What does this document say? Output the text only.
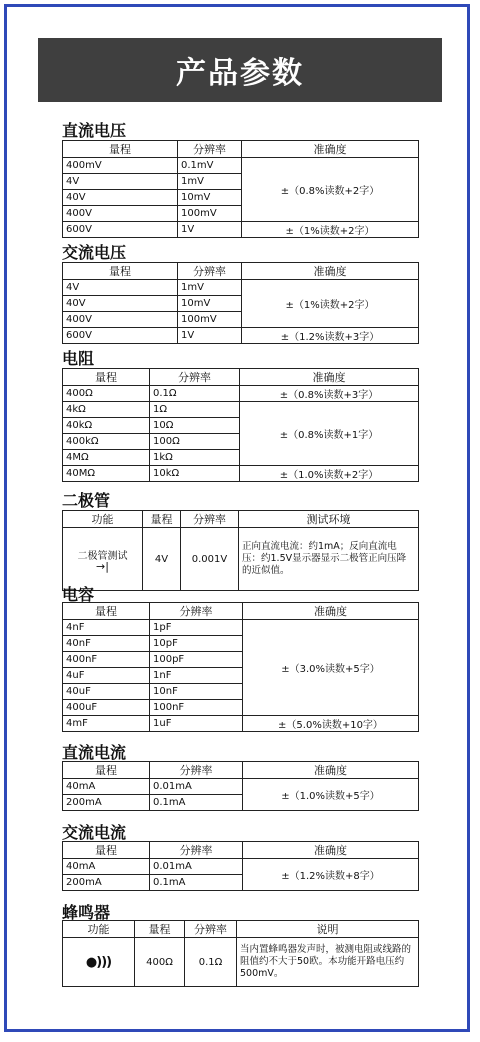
产品参数
直流电压
量程	分辨率	准确度
400mV	0.1mV	±（0.8%读数+2字）
4V	1mV	
40V	10mV	
400V	100mV	
600V	1V	±（1%读数+2字）
交流电压
量程	分辨率	准确度
4V	1mV	±（1%读数+2字）
40V	10mV	
400V	100mV	
600V	1V	±（1.2%读数+3字）
电阻
量程	分辨率	准确度
400Ω	0.1Ω	±（0.8%读数+3字）
4kΩ	1Ω	±（0.8%读数+1字）
40kΩ	10Ω	
400kΩ	100Ω	
4MΩ	1kΩ	
40MΩ	10kΩ	±（1.0%读数+2字）
二极管
功能	量程	分辨率	测试环境
二极管测试
→|	4V	0.001V	正向直流电流：约1mA；反向直流电压：约1.5V显示器显示二极管正向压降的近似值。
电容
量程	分辨率	准确度
4nF	1pF	±（3.0%读数+5字）
40nF	10pF	
400nF	100pF	
4uF	1nF	
40uF	10nF	
400uF	100nF	
4mF	1uF	±（5.0%读数+10字）
直流电流
量程	分辨率	准确度
40mA	0.01mA	±（1.0%读数+5字）
200mA	0.1mA	
交流电流
量程	分辨率	准确度
40mA	0.01mA	±（1.2%读数+8字）
200mA	0.1mA	
蜂鸣器
功能	量程	分辨率	说明
●)))	400Ω	0.1Ω	当内置蜂鸣器发声时，被测电阻或线路的阻值约不大于50欧。本功能开路电压约500mV。
